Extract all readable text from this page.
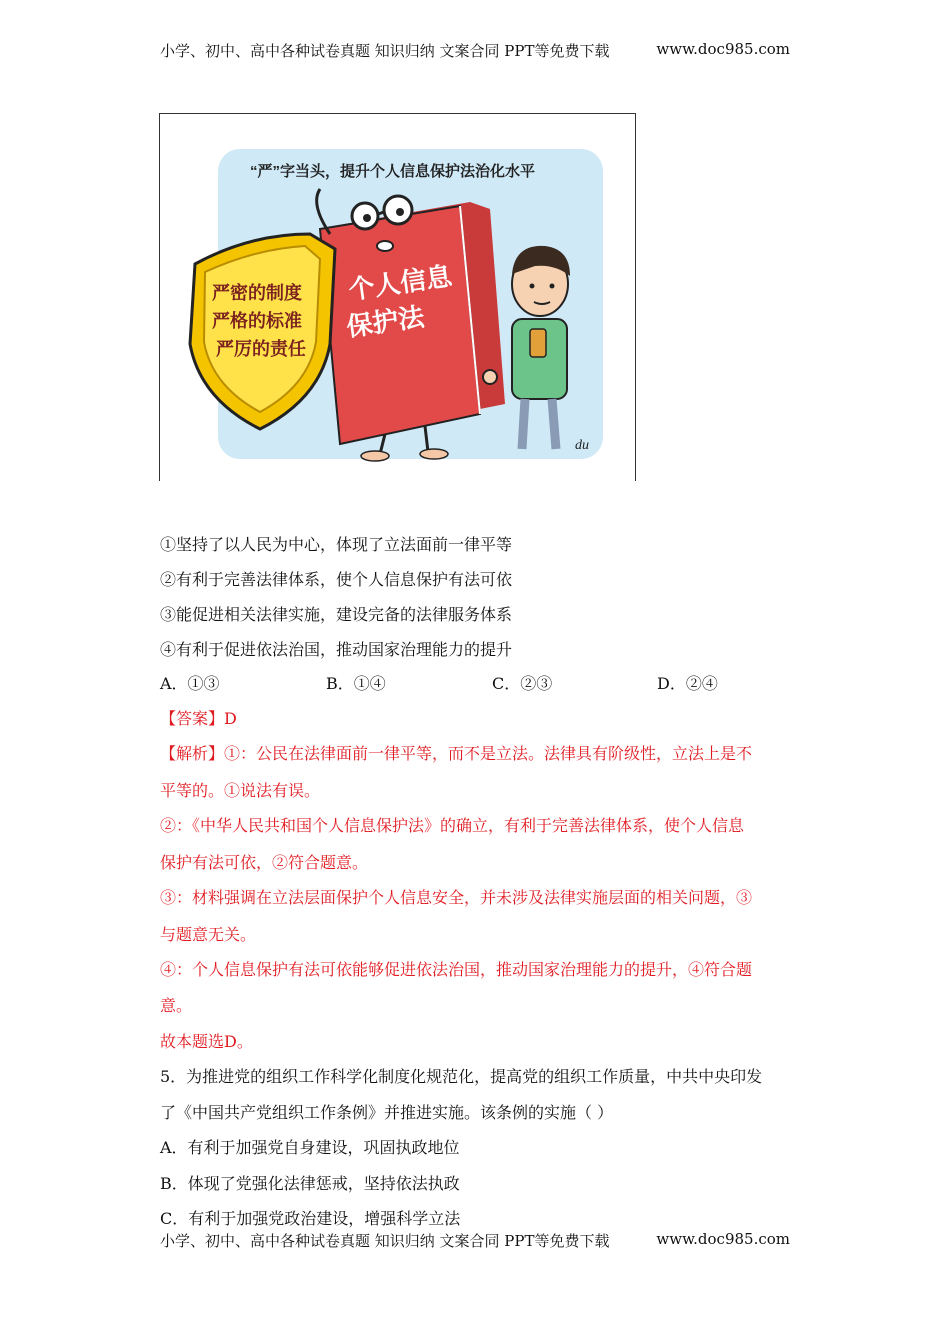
小学、初中、高中各种试卷真题 知识归纳 文案合同 PPT等免费下载	www.doc985.com
“严”字当头，提升个人信息保护法治化水平
个人信息
保护法
严密的制度
严格的标准
严厉的责任
du
①坚持了以人民为中心，体现了立法面前一律平等
②有利于完善法律体系，使个人信息保护有法可依
③能促进相关法律实施，建设完备的法律服务体系
④有利于促进依法治国，推动国家治理能力的提升
A．①③	B．①④	C．②③	D．②④
【答案】D
【解析】①：公民在法律面前一律平等，而不是立法。法律具有阶级性，立法上是不
平等的。①说法有误。
②：《中华人民共和国个人信息保护法》的确立，有利于完善法律体系，使个人信息
保护有法可依，②符合题意。
③：材料强调在立法层面保护个人信息安全，并未涉及法律实施层面的相关问题，③
与题意无关。
④：个人信息保护有法可依能够促进依法治国，推动国家治理能力的提升，④符合题
意。
故本题选D。
5．为推进党的组织工作科学化制度化规范化，提高党的组织工作质量，中共中央印发
了《中国共产党组织工作条例》并推进实施。该条例的实施（ ）
A．有利于加强党自身建设，巩固执政地位
B．体现了党强化法律惩戒，坚持依法执政
C．有利于加强党政治建设，增强科学立法
小学、初中、高中各种试卷真题 知识归纳 文案合同 PPT等免费下载	www.doc985.com
